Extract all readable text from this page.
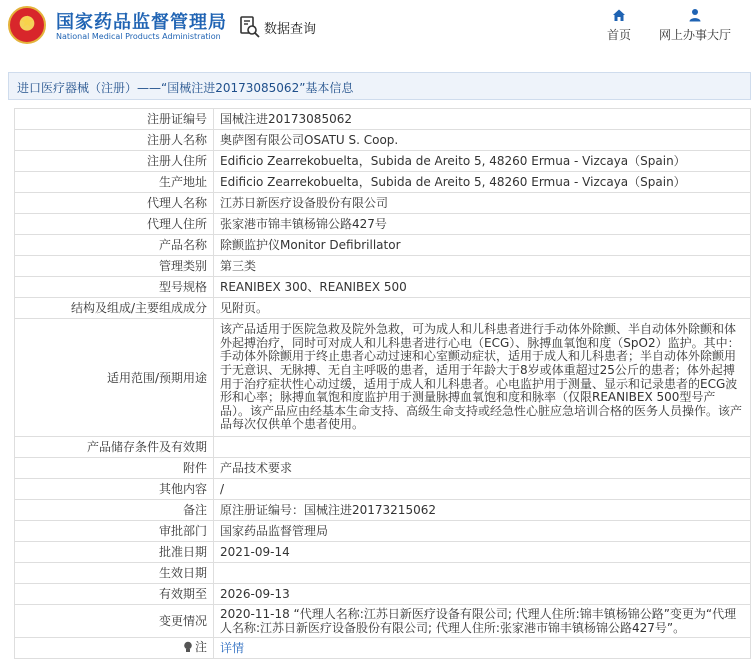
★ 国家药品监督管理局
National Medical Products Administration	数据查询	首页 网上办事大厅
进口医疗器械（注册）——“国械注进20173085062”基本信息
注册证编号	国械注进20173085062
注册人名称	奥萨图有限公司OSATU S. Coop.
注册人住所	Edificio Zearrekobuelta，Subida de Areito 5, 48260 Ermua - Vizcaya（Spain）
生产地址	Edificio Zearrekobuelta，Subida de Areito 5, 48260 Ermua - Vizcaya（Spain）
代理人名称	江苏日新医疗设备股份有限公司
代理人住所	张家港市锦丰镇杨锦公路427号
产品名称	除颤监护仪Monitor Defibrillator
管理类别	第三类
型号规格	REANIBEX 300、REANIBEX 500
结构及组成/主要组成成分	见附页。
适用范围/预期用途	该产品适用于医院急救及院外急救，可为成人和儿科患者进行手动体外除颤、半自动体外除颤和体外起搏治疗，同时可对成人和儿科患者进行心电（ECG）、脉搏血氧饱和度（SpO2）监护。其中：手动体外除颤用于终止患者心动过速和心室颤动症状，适用于成人和儿科患者；半自动体外除颤用于无意识、无脉搏、无自主呼吸的患者，适用于年龄大于8岁或体重超过25公斤的患者；体外起搏用于治疗症状性心动过缓，适用于成人和儿科患者。心电监护用于测量、显示和记录患者的ECG波形和心率；脉搏血氧饱和度监护用于测量脉搏血氧饱和度和脉率（仅限REANIBEX 500型号产品）。该产品应由经基本生命支持、高级生命支持或经急性心脏应急培训合格的医务人员操作。该产品每次仅供单个患者使用。
产品储存条件及有效期	
附件	产品技术要求
其他内容	/
备注	原注册证编号：国械注进20173215062
审批部门	国家药品监督管理局
批准日期	2021-09-14
生效日期	
有效期至	2026-09-13
变更情况	2020-11-18 “代理人名称:江苏日新医疗设备有限公司; 代理人住所:锦丰镇杨锦公路”变更为“代理人名称:江苏日新医疗设备股份有限公司; 代理人住所:张家港市锦丰镇杨锦公路427号”。

注	详情
